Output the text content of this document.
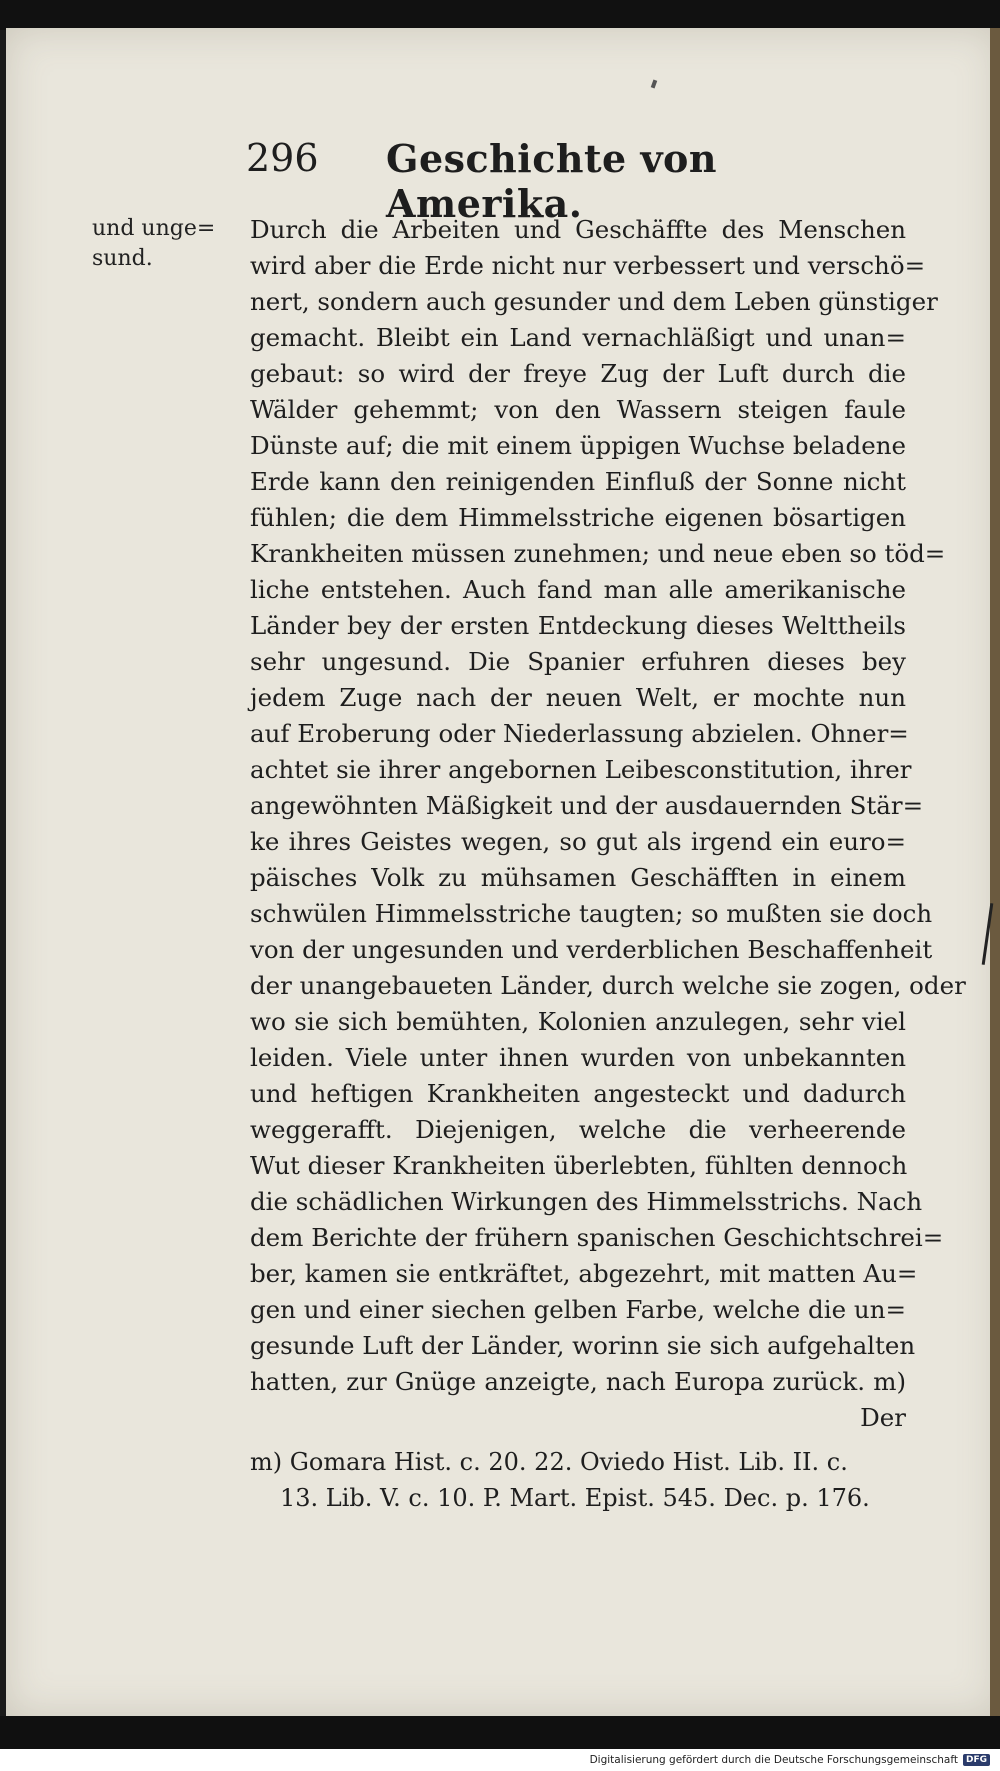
296 Geschichte von Amerika.
und unge=
sund.
Durch die Arbeiten und Geschäffte des Menschen
wird aber die Erde nicht nur verbessert und verschö=
nert, sondern auch gesunder und dem Leben günstiger
gemacht. Bleibt ein Land vernachläßigt und unan=
gebaut: so wird der freye Zug der Luft durch die
Wälder gehemmt; von den Wassern steigen faule
Dünste auf; die mit einem üppigen Wuchse beladene
Erde kann den reinigenden Einfluß der Sonne nicht
fühlen; die dem Himmelsstriche eigenen bösartigen
Krankheiten müssen zunehmen; und neue eben so töd=
liche entstehen. Auch fand man alle amerikanische
Länder bey der ersten Entdeckung dieses Welttheils
sehr ungesund. Die Spanier erfuhren dieses bey
jedem Zuge nach der neuen Welt, er mochte nun
auf Eroberung oder Niederlassung abzielen. Ohner=
achtet sie ihrer angebornen Leibesconstitution, ihrer
angewöhnten Mäßigkeit und der ausdauernden Stär=
ke ihres Geistes wegen, so gut als irgend ein euro=
päisches Volk zu mühsamen Geschäfften in einem
schwülen Himmelsstriche taugten; so mußten sie doch
von der ungesunden und verderblichen Beschaffenheit
der unangebaueten Länder, durch welche sie zogen, oder
wo sie sich bemühten, Kolonien anzulegen, sehr viel
leiden. Viele unter ihnen wurden von unbekannten
und heftigen Krankheiten angesteckt und dadurch
weggerafft. Diejenigen, welche die verheerende
Wut dieser Krankheiten überlebten, fühlten dennoch
die schädlichen Wirkungen des Himmelsstrichs. Nach
dem Berichte der frühern spanischen Geschichtschrei=
ber, kamen sie entkräftet, abgezehrt, mit matten Au=
gen und einer siechen gelben Farbe, welche die un=
gesunde Luft der Länder, worinn sie sich aufgehalten
hatten, zur Gnüge anzeigte, nach Europa zurück. m)
Der
m) Gomara Hist. c. 20. 22. Oviedo Hist. Lib. II. c.
13. Lib. V. c. 10. P. Mart. Epist. 545. Dec. p. 176.
Digitalisierung gefördert durch die Deutsche Forschungsgemeinschaft DFG
